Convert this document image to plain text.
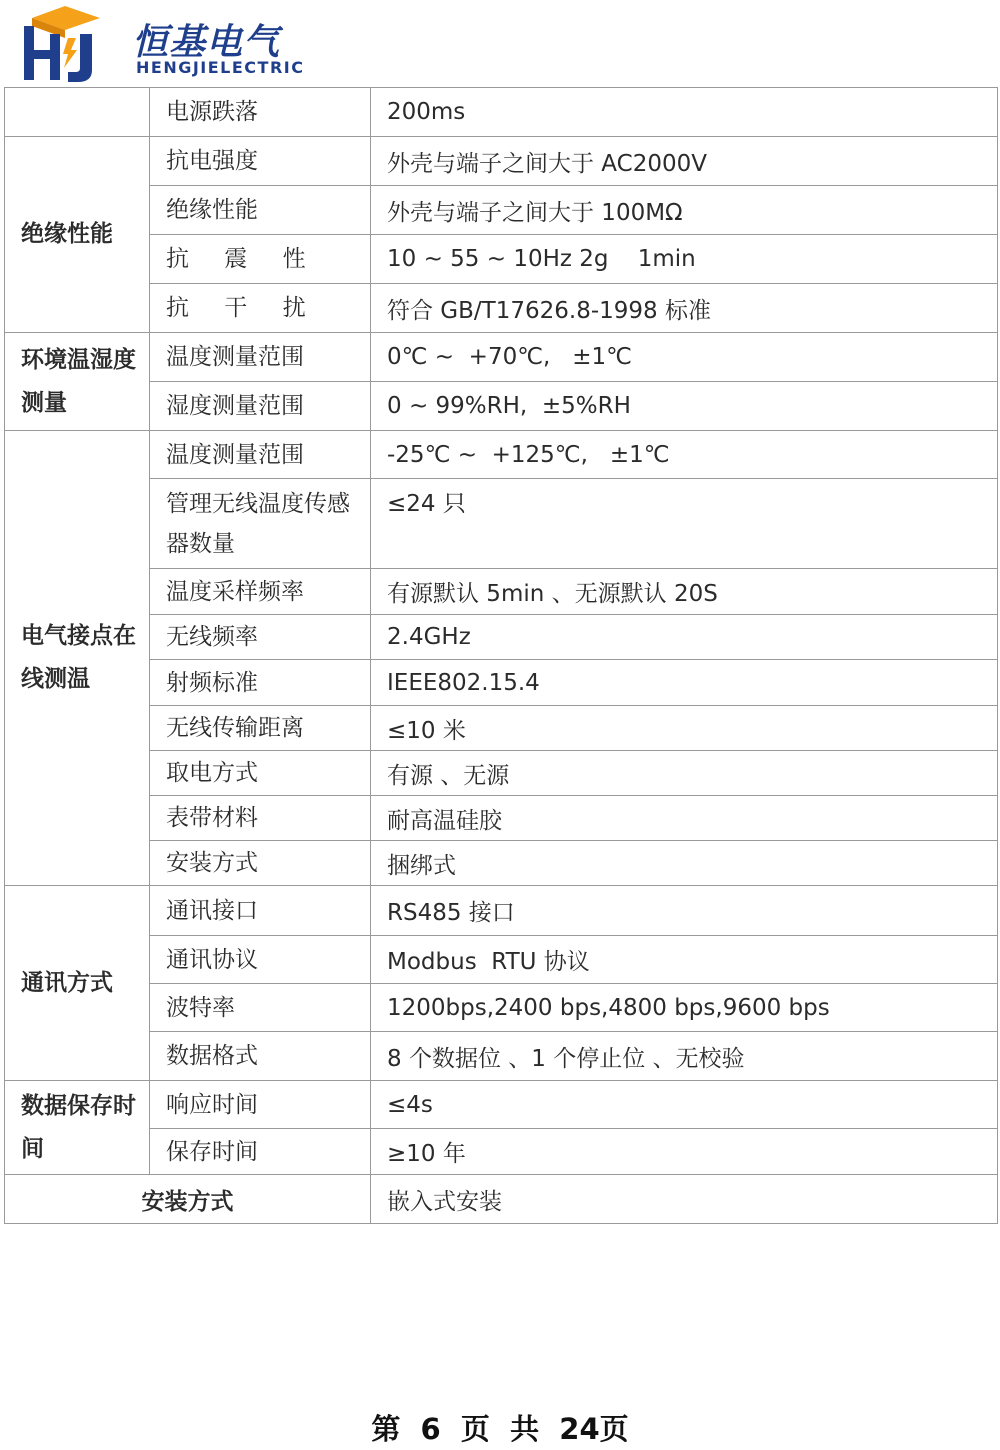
恒基电气
HENGJIELECTRIC
	电源跌落	200ms
绝缘性能	抗电强度	外壳与端子之间大于 AC2000V
	绝缘性能	外壳与端子之间大于 100MΩ
	抗 震 性	10 ~ 55 ~ 10Hz 2g    1min
	抗 干 扰	符合 GB/T17626.8-1998 标准
环境温湿度测量	温度测量范围	0℃ ~  +70℃,   ±1℃
	湿度测量范围	0 ~ 99%RH,  ±5%RH
电气接点在线测温	温度测量范围	-25℃ ~  +125℃,   ±1℃
	管理无线温度传感器数量	≤24 只
	温度采样频率	有源默认 5min 、无源默认 20S
	无线频率	2.4GHz
	射频标准	IEEE802.15.4
	无线传输距离	≤10 米
	取电方式	有源 、无源
	表带材料	耐高温硅胶
	安装方式	捆绑式
通讯方式	通讯接口	RS485 接口
	通讯协议	Modbus  RTU 协议
	波特率	1200bps,2400 bps,4800 bps,9600 bps
	数据格式	8 个数据位 、1 个停止位 、无校验
数据保存时间	响应时间	≤4s
	保存时间	≥10 年
安装方式		嵌入式安装
第  6  页  共  24页
